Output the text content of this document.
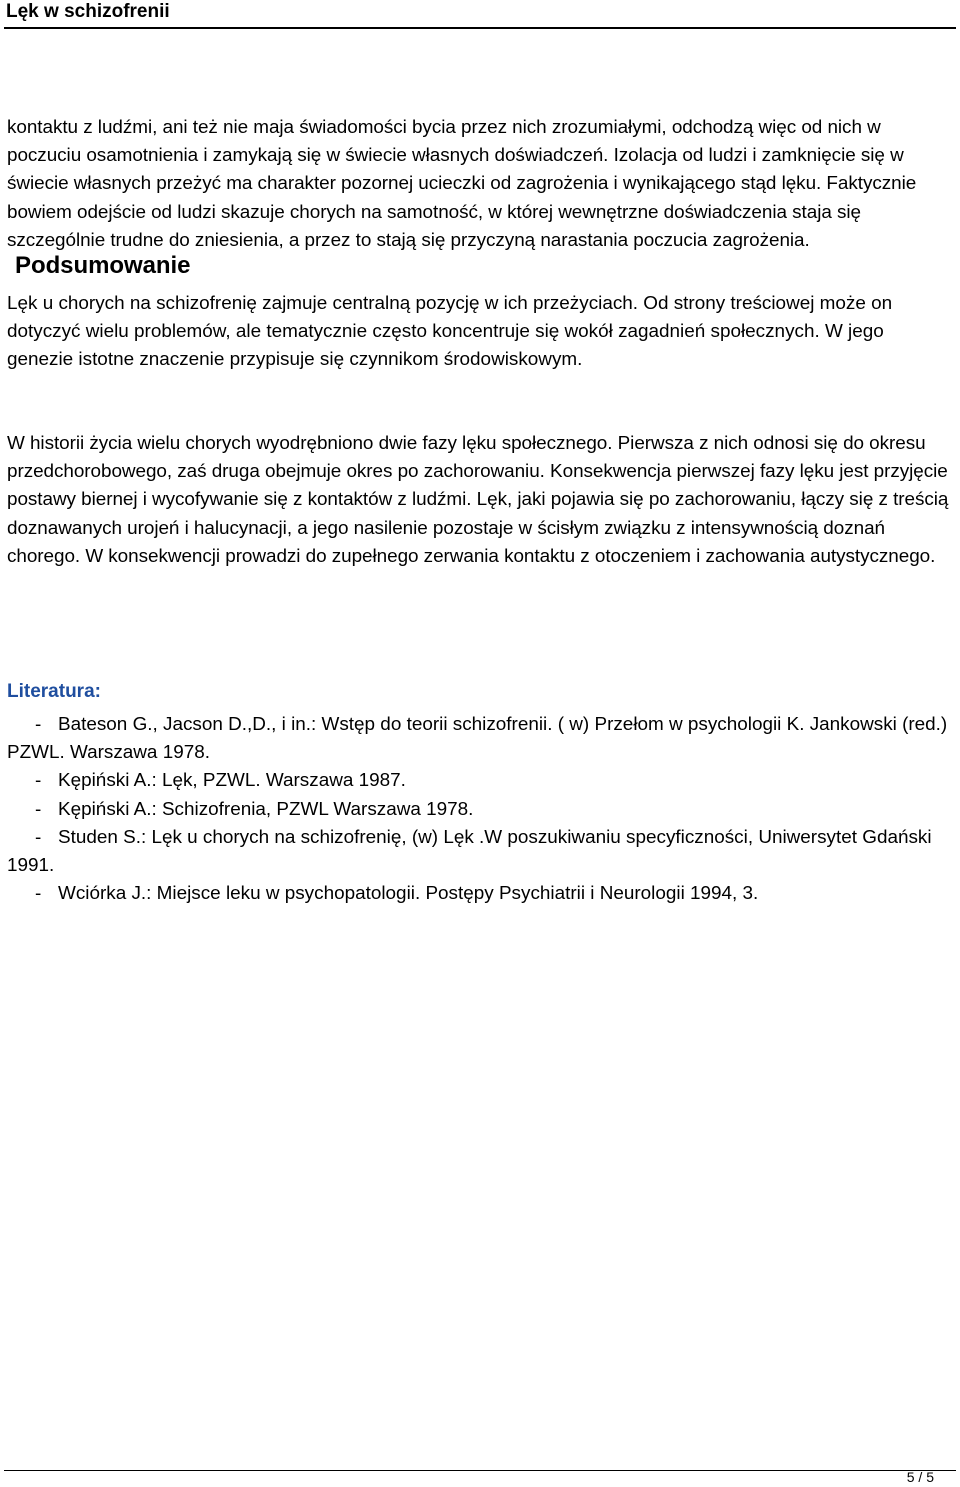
Lęk w schizofrenii

kontaktu z ludźmi, ani też nie maja świadomości bycia przez nich zrozumiałymi, odchodzą więc od nich w poczuciu osamotnienia i zamykają się w świecie własnych doświadczeń. Izolacja od ludzi i zamknięcie się w świecie własnych przeżyć ma charakter pozornej ucieczki od zagrożenia i wynikającego stąd lęku. Faktycznie bowiem odejście od ludzi skazuje chorych na samotność, w której wewnętrzne doświadczenia staja się szczególnie trudne do zniesienia, a przez to stają się przyczyną narastania poczucia zagrożenia.Podsumowanie

Lęk u chorych na schizofrenię zajmuje centralną pozycję w ich przeżyciach. Od strony treściowej może on dotyczyć wielu problemów, ale tematycznie często koncentruje się wokół zagadnień społecznych. W jego genezie istotne znaczenie przypisuje się czynnikom środowiskowym.

W historii życia wielu chorych wyodrębniono dwie fazy lęku społecznego. Pierwsza z nich odnosi się do okresu przedchorobowego, zaś druga obejmuje okres po zachorowaniu. Konsekwencja pierwszej fazy lęku jest przyjęcie postawy biernej i wycofywanie się z kontaktów z ludźmi. Lęk, jaki pojawia się po zachorowaniu, łączy się z treścią doznawanych urojeń i halucynacji, a jego nasilenie pozostaje w ścisłym związku z intensywnością doznań chorego. W konsekwencji prowadzi do zupełnego zerwania kontaktu z otoczeniem i zachowania autystycznego.

Literatura:
- Bateson G., Jacson D.,D., i in.: Wstęp do teorii schizofrenii. ( w) Przełom w psychologii K. Jankowski (red.) PZWL. Warszawa 1978.
- Kępiński A.: Lęk, PZWL. Warszawa 1987.
- Kępiński A.: Schizofrenia, PZWL Warszawa 1978.
- Studen S.: Lęk u chorych na schizofrenię, (w) Lęk .W poszukiwaniu specyficzności, Uniwersytet Gdański 1991.
- Wciórka J.: Miejsce leku w psychopatologii. Postępy Psychiatrii i Neurologii 1994, 3.
5 / 5
